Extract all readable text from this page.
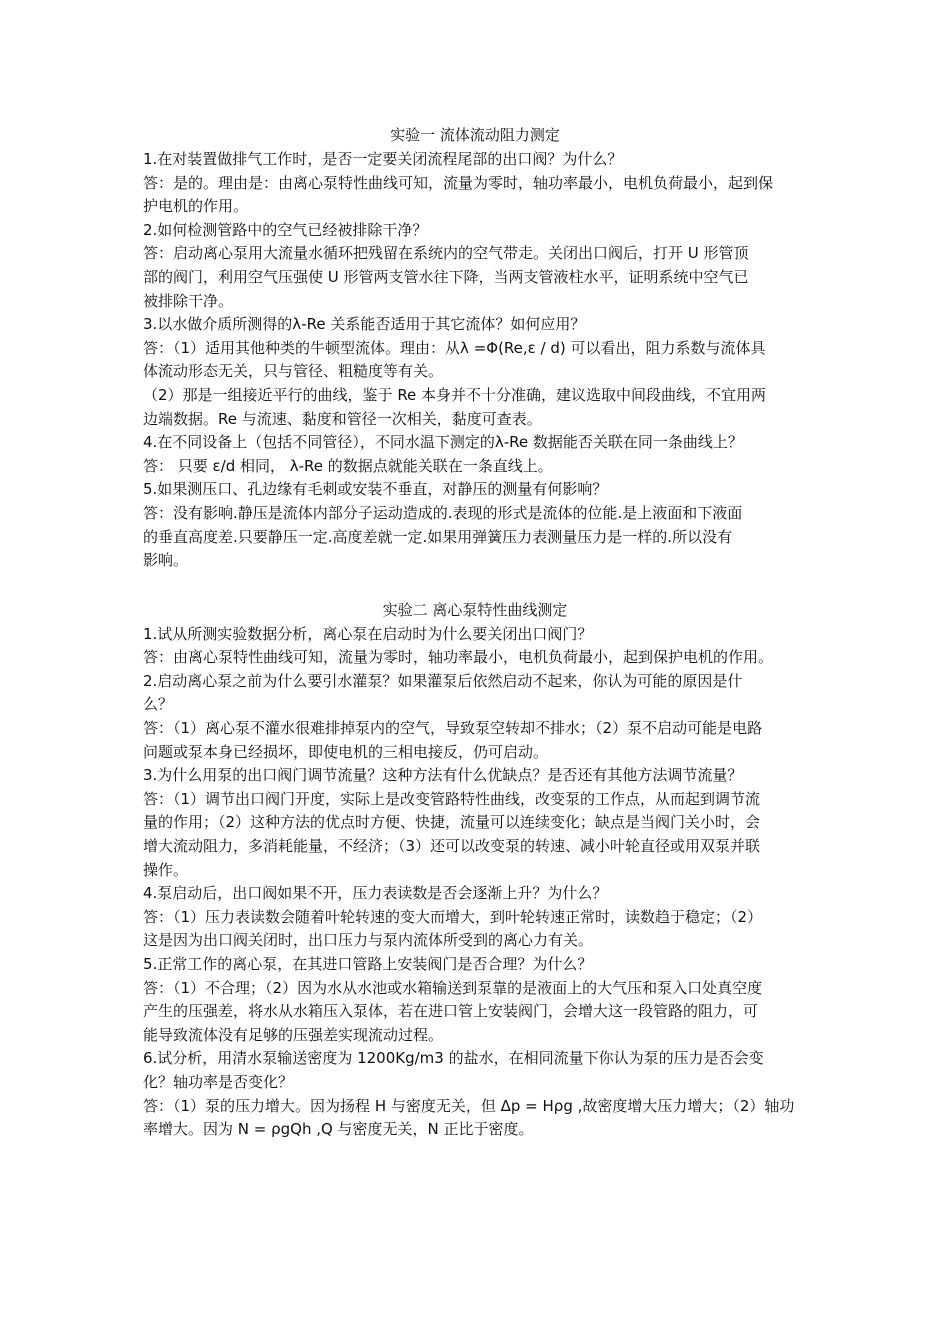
实验一 流体流动阻力测定

1.在对装置做排气工作时，是否一定要关闭流程尾部的出口阀？为什么？

答：是的。理由是：由离心泵特性曲线可知，流量为零时，轴功率最小，电机负荷最小，起到保

护电机的作用。

2.如何检测管路中的空气已经被排除干净？

答：启动离心泵用大流量水循环把残留在系统内的空气带走。关闭出口阀后，打开 U 形管顶

部的阀门，利用空气压强使 U 形管两支管水往下降，当两支管液柱水平，证明系统中空气已

被排除干净。

3.以水做介质所测得的λ-Re 关系能否适用于其它流体？如何应用？

答：（1）适用其他种类的牛顿型流体。理由：从λ =Φ(Re,ε / d) 可以看出，阻力系数与流体具

体流动形态无关，只与管径、粗糙度等有关。

（2）那是一组接近平行的曲线，鉴于 Re 本身并不十分准确，建议选取中间段曲线，不宜用两

边端数据。Re 与流速、黏度和管径一次相关，黏度可查表。

4.在不同设备上（包括不同管径），不同水温下测定的λ-Re 数据能否关联在同一条曲线上？

答： 只要 ε/d 相同， λ-Re 的数据点就能关联在一条直线上。

5.如果测压口、孔边缘有毛刺或安装不垂直，对静压的测量有何影响？

答：没有影响.静压是流体内部分子运动造成的.表现的形式是流体的位能.是上液面和下液面

的垂直高度差.只要静压一定.高度差就一定.如果用弹簧压力表测量压力是一样的.所以没有

影响。

实验二 离心泵特性曲线测定

1.试从所测实验数据分析，离心泵在启动时为什么要关闭出口阀门？

答：由离心泵特性曲线可知，流量为零时，轴功率最小，电机负荷最小，起到保护电机的作用。

2.启动离心泵之前为什么要引水灌泵？如果灌泵后依然启动不起来，你认为可能的原因是什

么？

答：（1）离心泵不灌水很难排掉泵内的空气，导致泵空转却不排水；（2）泵不启动可能是电路

问题或泵本身已经损坏，即使电机的三相电接反，仍可启动。

3.为什么用泵的出口阀门调节流量？这种方法有什么优缺点？是否还有其他方法调节流量？

答：（1）调节出口阀门开度，实际上是改变管路特性曲线，改变泵的工作点，从而起到调节流

量的作用；（2）这种方法的优点时方便、快捷，流量可以连续变化；缺点是当阀门关小时，会

增大流动阻力，多消耗能量，不经济；（3）还可以改变泵的转速、减小叶轮直径或用双泵并联

操作。

4.泵启动后，出口阀如果不开，压力表读数是否会逐渐上升？为什么？

答：（1）压力表读数会随着叶轮转速的变大而增大，到叶轮转速正常时，读数趋于稳定；（2）

这是因为出口阀关闭时，出口压力与泵内流体所受到的离心力有关。

5.正常工作的离心泵，在其进口管路上安装阀门是否合理？为什么？

答：（1）不合理；（2）因为水从水池或水箱输送到泵靠的是液面上的大气压和泵入口处真空度

产生的压强差，将水从水箱压入泵体，若在进口管上安装阀门，会增大这一段管路的阻力，可

能导致流体没有足够的压强差实现流动过程。

6.试分析，用清水泵输送密度为 1200Kg/m3 的盐水，在相同流量下你认为泵的压力是否会变

化？轴功率是否变化？

答：（1）泵的压力增大。因为扬程 H 与密度无关，但 Δp = Hρg ,故密度增大压力增大；（2）轴功

率增大。因为 N = ρgQh ,Q 与密度无关，N 正比于密度。
